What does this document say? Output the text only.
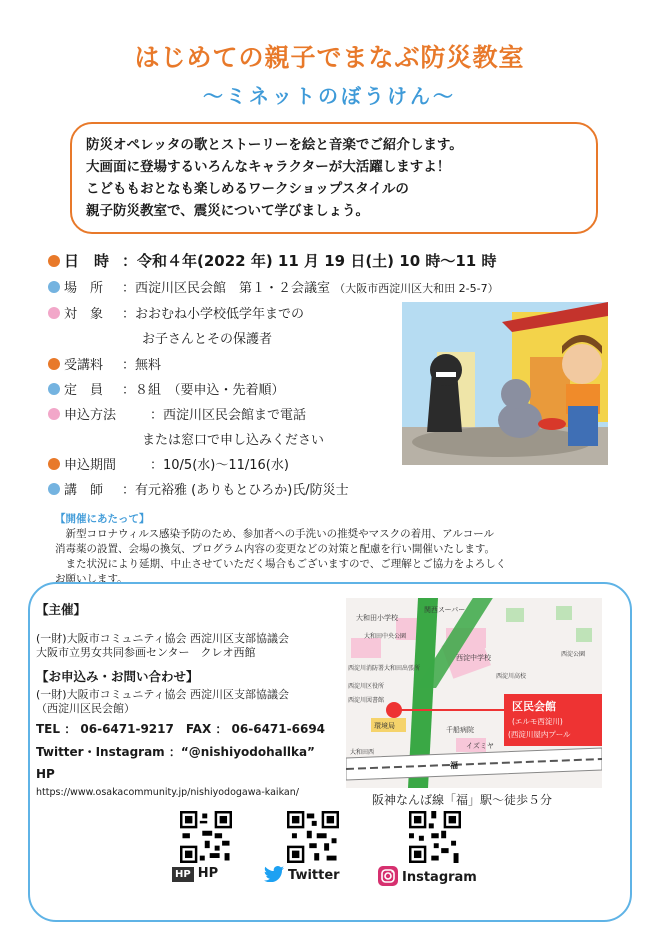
はじめての親子でまなぶ防災教室
～ミネットのぼうけん～
防災オペレッタの歌とストーリーを絵と音楽でご紹介します。
大画面に登場するいろんなキャラクターが大活躍しますよ！
こどももおとなも楽しめるワークショップスタイルの
親子防災教室で、震災について学びましょう。
日　時 ：令和４年(2022 年) 11 月 19 日(土) 10 時～11 時
場　所 ：西淀川区民会館　第１・２会議室 （大阪市西淀川区大和田 2-5-7）
対　象 ：おおむね小学校低学年までの
お子さんとその保護者
受講料 ：無料
定　員 ：８組　（要申込・先着順）
申込方法	：西淀川区民会館まで電話
または窓口で申し込みください
申込期間	：10/5(水)～11/16(水)
講　師 ：有元裕雅 (ありもとひろか)氏/防災士
【開催にあたって】
　新型コロナウィルス感染予防のため、参加者への手洗いの推奨やマスクの着用、アルコール
消毒薬の設置、会場の換気、プログラム内容の変更などの対策と配慮を行い開催いたします。
　また状況により延期、中止させていただく場合もございますので、ご理解とご協力をよろしく
お願いします。
【主催】
(一財)大阪市コミュニティ協会 西淀川区支部協議会
大阪市立男女共同参画センター　クレオ西館
【お申込み・お問い合わせ】
(一財)大阪市コミュニティ協会 西淀川区支部協議会
（西淀川区民会館）
TEL ： 06-6471-9217　FAX ： 06-6471-6694
Twitter・Instagram ：“@nishiyodohallka”
HP
https://www.osakacommunity.jp/nishiyodogawa-kaikan/
関西スーパー
大和田小学校
大和田中央公園
西淀川消防署大和田出張所
西淀中学校
西淀川区役所
西淀川高校
西淀川図書館
環境局	千船病院
イズミヤ
大和田西
西淀公園
福
区民会館
(エルモ西淀川)
(西淀川屋内プール
阪神なんば線「福」駅～徒歩５分
HP HP	Twitter	Instagram
